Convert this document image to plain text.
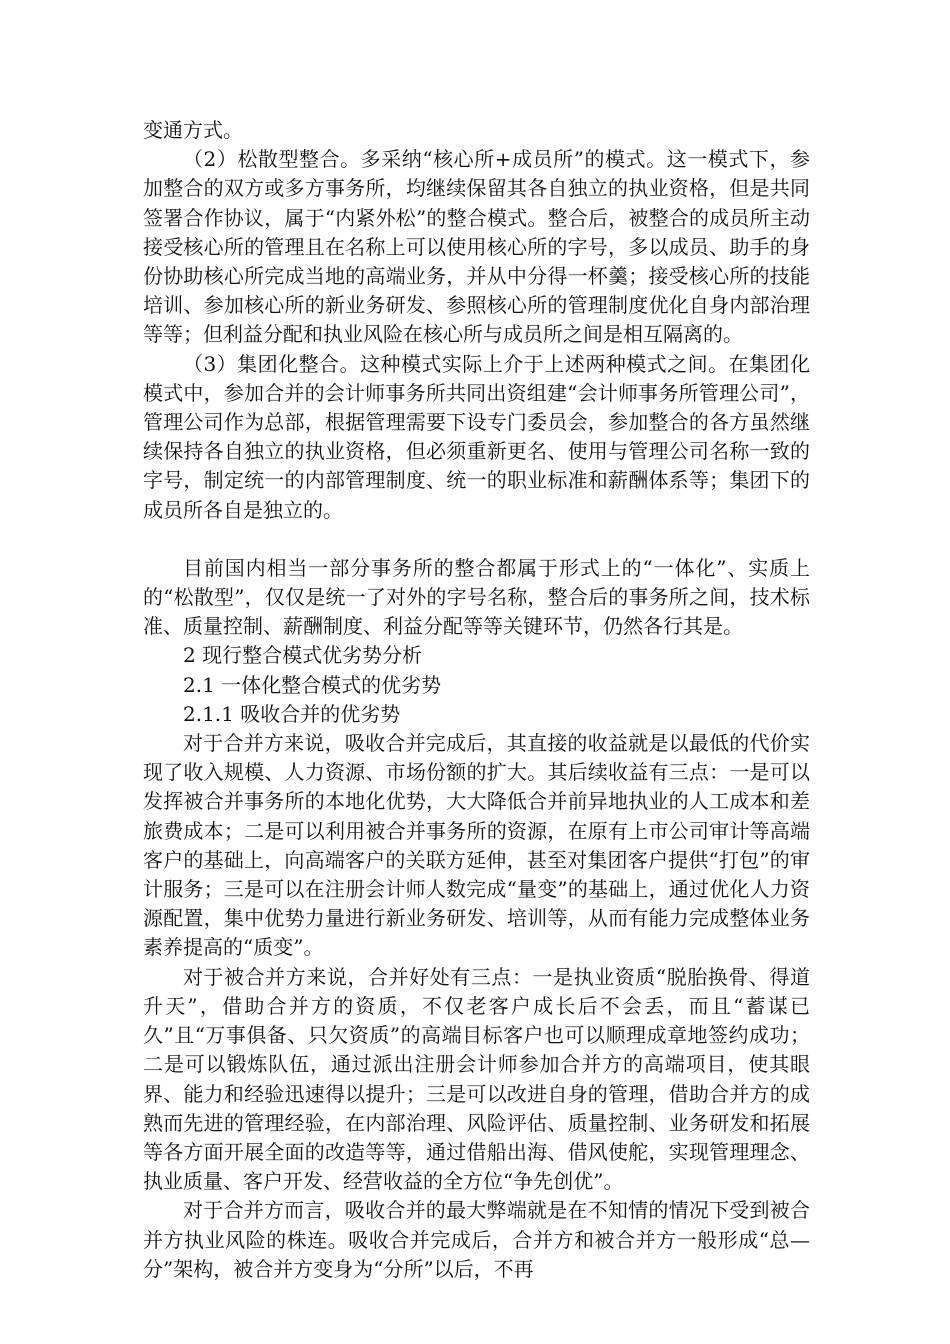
变通方式。

（2）松散型整合。多采纳“核心所+成员所”的模式。这一模式下，参加整合的双方或多方事务所，均继续保留其各自独立的执业资格，但是共同签署合作协议，属于“内紧外松”的整合模式。整合后，被整合的成员所主动接受核心所的管理且在名称上可以使用核心所的字号，多以成员、助手的身份协助核心所完成当地的高端业务，并从中分得一杯羹；接受核心所的技能培训、参加核心所的新业务研发、参照核心所的管理制度优化自身内部治理等等；但利益分配和执业风险在核心所与成员所之间是相互隔离的。

（3）集团化整合。这种模式实际上介于上述两种模式之间。在集团化模式中，参加合并的会计师事务所共同出资组建“会计师事务所管理公司”，管理公司作为总部，根据管理需要下设专门委员会，参加整合的各方虽然继续保持各自独立的执业资格，但必须重新更名、使用与管理公司名称一致的字号，制定统一的内部管理制度、统一的职业标准和薪酬体系等；集团下的成员所各自是独立的。

目前国内相当一部分事务所的整合都属于形式上的“一体化”、实质上的“松散型”，仅仅是统一了对外的字号名称，整合后的事务所之间，技术标准、质量控制、薪酬制度、利益分配等等关键环节，仍然各行其是。

2 现行整合模式优劣势分析

2.1 一体化整合模式的优劣势

2.1.1 吸收合并的优劣势

对于合并方来说，吸收合并完成后，其直接的收益就是以最低的代价实现了收入规模、人力资源、市场份额的扩大。其后续收益有三点：一是可以发挥被合并事务所的本地化优势，大大降低合并前异地执业的人工成本和差旅费成本；二是可以利用被合并事务所的资源，在原有上市公司审计等高端客户的基础上，向高端客户的关联方延伸，甚至对集团客户提供“打包”的审计服务；三是可以在注册会计师人数完成“量变”的基础上，通过优化人力资源配置，集中优势力量进行新业务研发、培训等，从而有能力完成整体业务素养提高的“质变”。

对于被合并方来说，合并好处有三点：一是执业资质“脱胎换骨、得道升天”，借助合并方的资质，不仅老客户成长后不会丢，而且“蓄谋已久”且“万事俱备、只欠资质”的高端目标客户也可以顺理成章地签约成功；二是可以锻炼队伍，通过派出注册会计师参加合并方的高端项目，使其眼界、能力和经验迅速得以提升；三是可以改进自身的管理，借助合并方的成熟而先进的管理经验，在内部治理、风险评估、质量控制、业务研发和拓展等各方面开展全面的改造等等，通过借船出海、借风使舵，实现管理理念、执业质量、客户开发、经营收益的全方位“争先创优”。

对于合并方而言，吸收合并的最大弊端就是在不知情的情况下受到被合并方执业风险的株连。吸收合并完成后，合并方和被合并方一般形成“总—分”架构，被合并方变身为“分所”以后，不再
